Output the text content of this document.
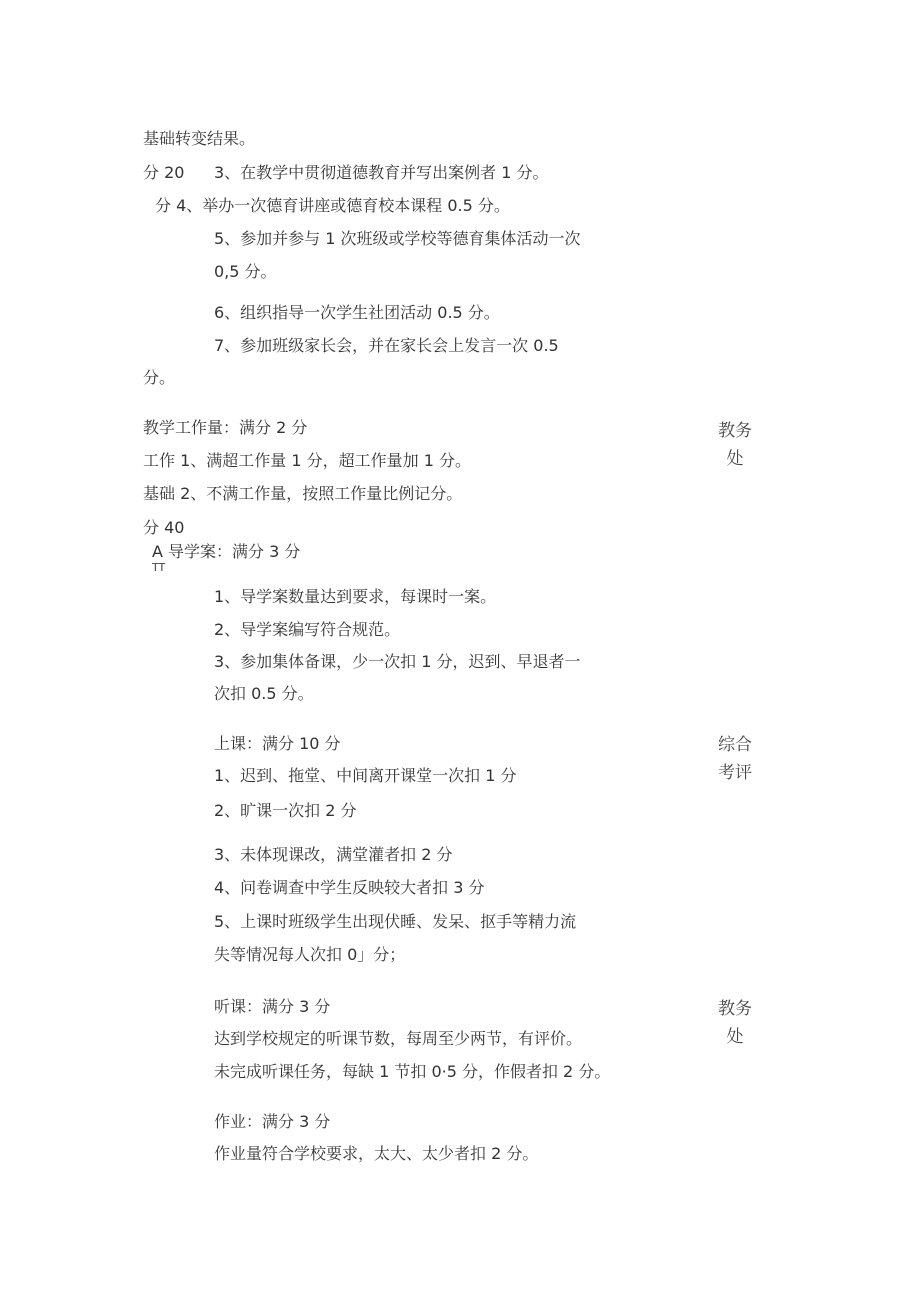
基础转变结果。
分 20 3、在教学中贯彻道德教育并写出案例者 1 分。
分 4、举办一次德育讲座或德育校本课程 0.5 分。
5、参加并参与 1 次班级或学校等德育集体活动一次
0,5 分。
6、组织指导一次学生社团活动 0.5 分。
7、参加班级家长会，并在家长会上发言一次 0.5
分。
教学工作量：满分 2 分	教务
处
工作 1、满超工作量 1 分，超工作量加 1 分。
基础 2、不满工作量，按照工作量比例记分。
分 40
A 导学案：满分 3 分
TT
1、导学案数量达到要求，每课时一案。
2、导学案编写符合规范。
3、参加集体备课，少一次扣 1 分，迟到、早退者一
次扣 0.5 分。
上课：满分 10 分	综合
考评
1、迟到、拖堂、中间离开课堂一次扣 1 分
2、旷课一次扣 2 分
3、未体现课改，满堂灌者扣 2 分
4、问卷调查中学生反映较大者扣 3 分
5、上课时班级学生出现伏睡、发呆、抠手等精力流
失等情况每人次扣 0」分；
听课：满分 3 分	教务
处
达到学校规定的听课节数，每周至少两节，有评价。
未完成听课任务，每缺 1 节扣 0·5 分，作假者扣 2 分。
作业：满分 3 分
作业量符合学校要求，太大、太少者扣 2 分。
